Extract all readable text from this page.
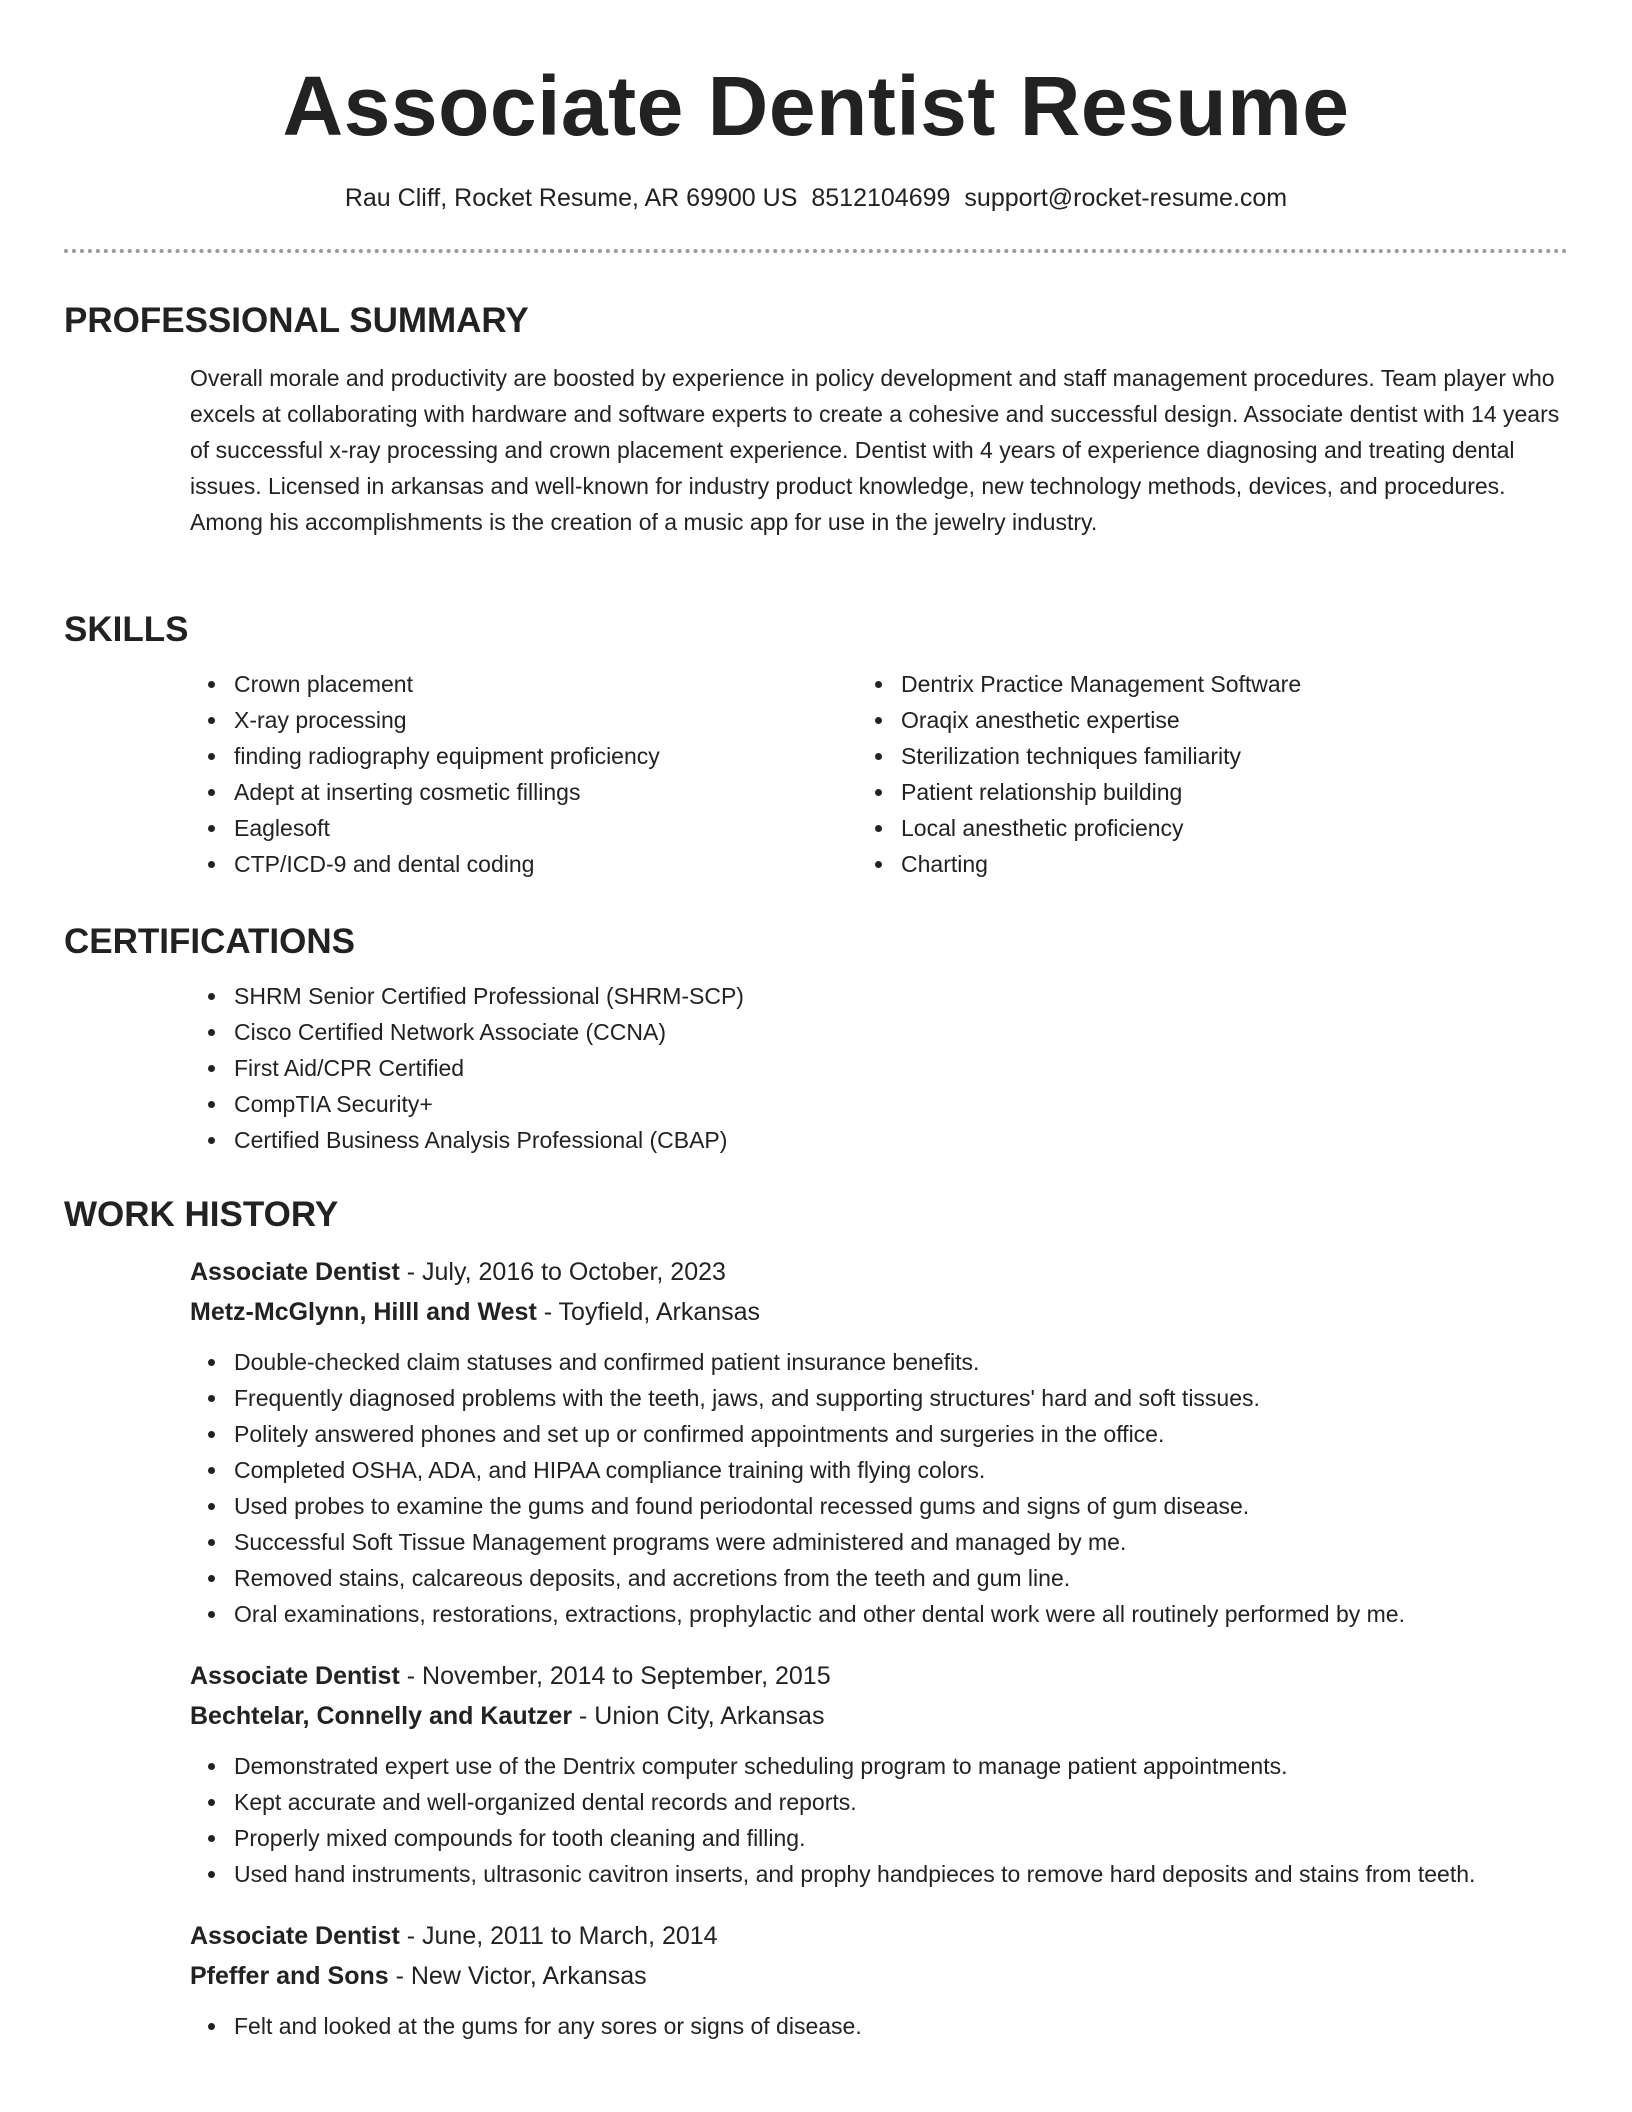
Associate Dentist Resume
Rau Cliff, Rocket Resume, AR 69900 US 8512104699 support@rocket-resume.com
PROFESSIONAL SUMMARY
Overall morale and productivity are boosted by experience in policy development and staff management procedures. Team player who excels at collaborating with hardware and software experts to create a cohesive and successful design. Associate dentist with 14 years of successful x-ray processing and crown placement experience. Dentist with 4 years of experience diagnosing and treating dental issues. Licensed in arkansas and well-known for industry product knowledge, new technology methods, devices, and procedures. Among his accomplishments is the creation of a music app for use in the jewelry industry.
SKILLS
Crown placement
X-ray processing
finding radiography equipment proficiency
Adept at inserting cosmetic fillings
Eaglesoft
CTP/ICD-9 and dental coding
Dentrix Practice Management Software
Oraqix anesthetic expertise
Sterilization techniques familiarity
Patient relationship building
Local anesthetic proficiency
Charting
CERTIFICATIONS
SHRM Senior Certified Professional (SHRM-SCP)
Cisco Certified Network Associate (CCNA)
First Aid/CPR Certified
CompTIA Security+
Certified Business Analysis Professional (CBAP)
WORK HISTORY
Associate Dentist - July, 2016 to October, 2023
Metz-McGlynn, Hilll and West - Toyfield, Arkansas
Double-checked claim statuses and confirmed patient insurance benefits.
Frequently diagnosed problems with the teeth, jaws, and supporting structures' hard and soft tissues.
Politely answered phones and set up or confirmed appointments and surgeries in the office.
Completed OSHA, ADA, and HIPAA compliance training with flying colors.
Used probes to examine the gums and found periodontal recessed gums and signs of gum disease.
Successful Soft Tissue Management programs were administered and managed by me.
Removed stains, calcareous deposits, and accretions from the teeth and gum line.
Oral examinations, restorations, extractions, prophylactic and other dental work were all routinely performed by me.
Associate Dentist - November, 2014 to September, 2015
Bechtelar, Connelly and Kautzer - Union City, Arkansas
Demonstrated expert use of the Dentrix computer scheduling program to manage patient appointments.
Kept accurate and well-organized dental records and reports.
Properly mixed compounds for tooth cleaning and filling.
Used hand instruments, ultrasonic cavitron inserts, and prophy handpieces to remove hard deposits and stains from teeth.
Associate Dentist - June, 2011 to March, 2014
Pfeffer and Sons - New Victor, Arkansas
Felt and looked at the gums for any sores or signs of disease.
